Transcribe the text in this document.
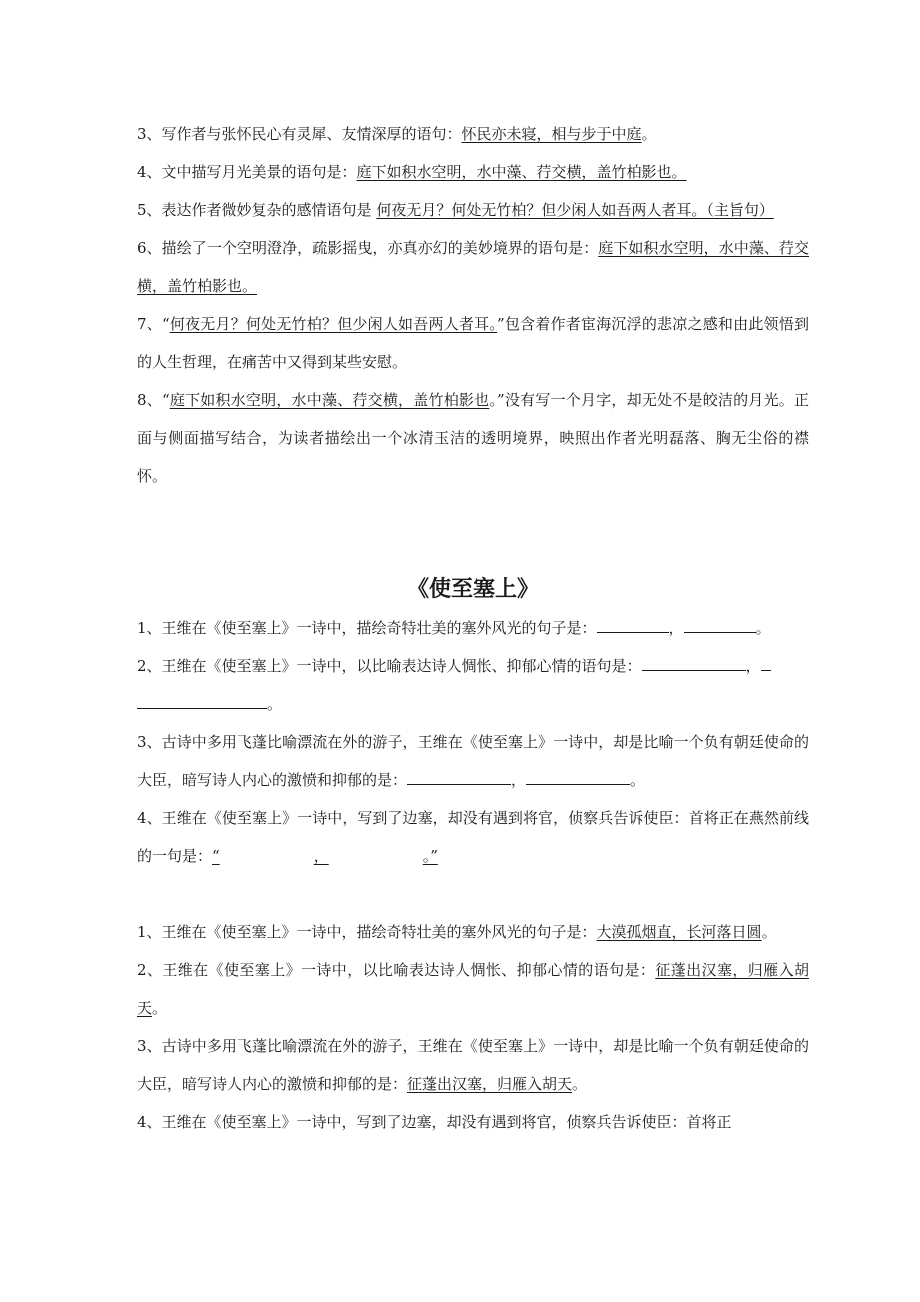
3、写作者与张怀民心有灵犀、友情深厚的语句：怀民亦未寝，相与步于中庭。

4、文中描写月光美景的语句是：庭下如积水空明，水中藻、荇交横，盖竹柏影也。

5、表达作者微妙复杂的感情语句是 何夜无月？何处无竹柏？但少闲人如吾两人者耳。（主旨句）

6、描绘了一个空明澄净，疏影摇曳，亦真亦幻的美妙境界的语句是：庭下如积水空明，水中藻、荇交横，盖竹柏影也。

7、“何夜无月？何处无竹柏？但少闲人如吾两人者耳。”包含着作者宦海沉浮的悲凉之感和由此领悟到的人生哲理，在痛苦中又得到某些安慰。

8、“庭下如积水空明，水中藻、荇交横，盖竹柏影也。”没有写一个月字，却无处不是皎洁的月光。正面与侧面描写结合，为读者描绘出一个冰清玉洁的透明境界，映照出作者光明磊落、胸无尘俗的襟怀。

《使至塞上》

1、王维在《使至塞上》一诗中，描绘奇特壮美的塞外风光的句子是：	，	。

2、王维在《使至塞上》一诗中，以比喻表达诗人惆怅、抑郁心情的语句是：	，
。

3、古诗中多用飞蓬比喻漂流在外的游子，王维在《使至塞上》一诗中，却是比喻一个负有朝廷使命的大臣，暗写诗人内心的激愤和抑郁的是：	，	。

4、王维在《使至塞上》一诗中，写到了边塞，却没有遇到将官，侦察兵告诉使臣：首将正在燕然前线的一句是：“	，	。”

1、王维在《使至塞上》一诗中，描绘奇特壮美的塞外风光的句子是：大漠孤烟直，长河落日圆。

2、王维在《使至塞上》一诗中，以比喻表达诗人惆怅、抑郁心情的语句是：征蓬出汉塞，归雁入胡天。

3、古诗中多用飞蓬比喻漂流在外的游子，王维在《使至塞上》一诗中，却是比喻一个负有朝廷使命的大臣，暗写诗人内心的激愤和抑郁的是：征蓬出汉塞，归雁入胡天。

4、王维在《使至塞上》一诗中，写到了边塞，却没有遇到将官，侦察兵告诉使臣：首将正
